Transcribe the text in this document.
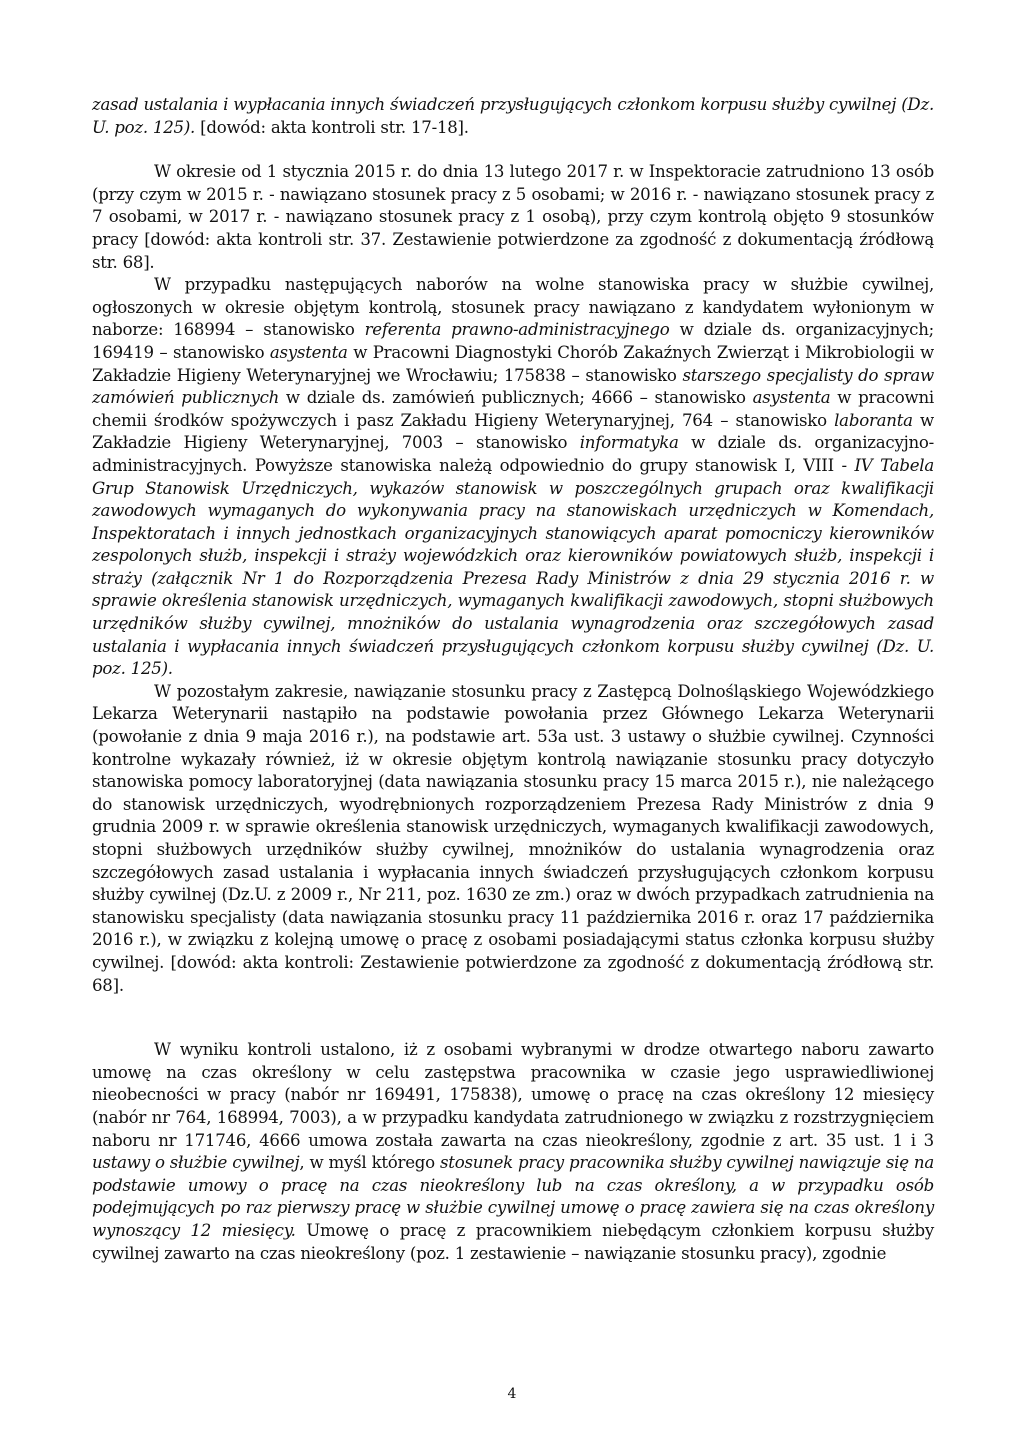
zasad ustalania i wypłacania innych świadczeń przysługujących członkom korpusu służby cywilnej (Dz. U. poz. 125). [dowód: akta kontroli str. 17-18].

W okresie od 1 stycznia 2015 r. do dnia 13 lutego 2017 r. w Inspektoracie zatrudniono 13 osób (przy czym w 2015 r. - nawiązano stosunek pracy z 5 osobami; w 2016 r. - nawiązano stosunek pracy z 7 osobami, w 2017 r. - nawiązano stosunek pracy z 1 osobą), przy czym kontrolą objęto 9 stosunków pracy [dowód: akta kontroli str. 37. Zestawienie potwierdzone za zgodność z dokumentacją źródłową str. 68].

W przypadku następujących naborów na wolne stanowiska pracy w służbie cywilnej, ogłoszonych w okresie objętym kontrolą, stosunek pracy nawiązano z kandydatem wyłonionym w naborze: 168994 – stanowisko referenta prawno-administracyjnego w dziale ds. organizacyjnych; 169419 – stanowisko asystenta w Pracowni Diagnostyki Chorób Zakaźnych Zwierząt i Mikrobiologii w Zakładzie Higieny Weterynaryjnej we Wrocławiu; 175838 – stanowisko starszego specjalisty do spraw zamówień publicznych w dziale ds. zamówień publicznych; 4666 – stanowisko asystenta w pracowni chemii środków spożywczych i pasz Zakładu Higieny Weterynaryjnej, 764 – stanowisko laboranta w Zakładzie Higieny Weterynaryjnej, 7003 – stanowisko informatyka w dziale ds. organizacyjno-administracyjnych. Powyższe stanowiska należą odpowiednio do grupy stanowisk I, VIII - IV Tabela Grup Stanowisk Urzędniczych, wykazów stanowisk w poszczególnych grupach oraz kwalifikacji zawodowych wymaganych do wykonywania pracy na stanowiskach urzędniczych w Komendach, Inspektoratach i innych jednostkach organizacyjnych stanowiących aparat pomocniczy kierowników zespolonych służb, inspekcji i straży wojewódzkich oraz kierowników powiatowych służb, inspekcji i straży (załącznik Nr 1 do Rozporządzenia Prezesa Rady Ministrów z dnia 29 stycznia 2016 r. w sprawie określenia stanowisk urzędniczych, wymaganych kwalifikacji zawodowych, stopni służbowych urzędników służby cywilnej, mnożników do ustalania wynagrodzenia oraz szczegółowych zasad ustalania i wypłacania innych świadczeń przysługujących członkom korpusu służby cywilnej (Dz. U. poz. 125).

W pozostałym zakresie, nawiązanie stosunku pracy z Zastępcą Dolnośląskiego Wojewódzkiego Lekarza Weterynarii nastąpiło na podstawie powołania przez Głównego Lekarza Weterynarii (powołanie z dnia 9 maja 2016 r.), na podstawie art. 53a ust. 3 ustawy o służbie cywilnej. Czynności kontrolne wykazały również, iż w okresie objętym kontrolą nawiązanie stosunku pracy dotyczyło stanowiska pomocy laboratoryjnej (data nawiązania stosunku pracy 15 marca 2015 r.), nie należącego do stanowisk urzędniczych, wyodrębnionych rozporządzeniem Prezesa Rady Ministrów z dnia 9 grudnia 2009 r. w sprawie określenia stanowisk urzędniczych, wymaganych kwalifikacji zawodowych, stopni służbowych urzędników służby cywilnej, mnożników do ustalania wynagrodzenia oraz szczegółowych zasad ustalania i wypłacania innych świadczeń przysługujących członkom korpusu służby cywilnej (Dz.U. z 2009 r., Nr 211, poz. 1630 ze zm.) oraz w dwóch przypadkach zatrudnienia na stanowisku specjalisty (data nawiązania stosunku pracy 11 października 2016 r. oraz 17 października 2016 r.), w związku z kolejną umowę o pracę z osobami posiadającymi status członka korpusu służby cywilnej. [dowód: akta kontroli: Zestawienie potwierdzone za zgodność z dokumentacją źródłową str. 68].

W wyniku kontroli ustalono, iż z osobami wybranymi w drodze otwartego naboru zawarto umowę na czas określony w celu zastępstwa pracownika w czasie jego usprawiedliwionej nieobecności w pracy (nabór nr 169491, 175838), umowę o pracę na czas określony 12 miesięcy (nabór nr 764, 168994, 7003), a w przypadku kandydata zatrudnionego w związku z rozstrzygnięciem naboru nr 171746, 4666 umowa została zawarta na czas nieokreślony, zgodnie z art. 35 ust. 1 i 3 ustawy o służbie cywilnej, w myśl którego stosunek pracy pracownika służby cywilnej nawiązuje się na podstawie umowy o pracę na czas nieokreślony lub na czas określony, a w przypadku osób podejmujących po raz pierwszy pracę w służbie cywilnej umowę o pracę zawiera się na czas określony wynoszący 12 miesięcy. Umowę o pracę z pracownikiem niebędącym członkiem korpusu służby cywilnej zawarto na czas nieokreślony (poz. 1 zestawienie – nawiązanie stosunku pracy), zgodnie

4
